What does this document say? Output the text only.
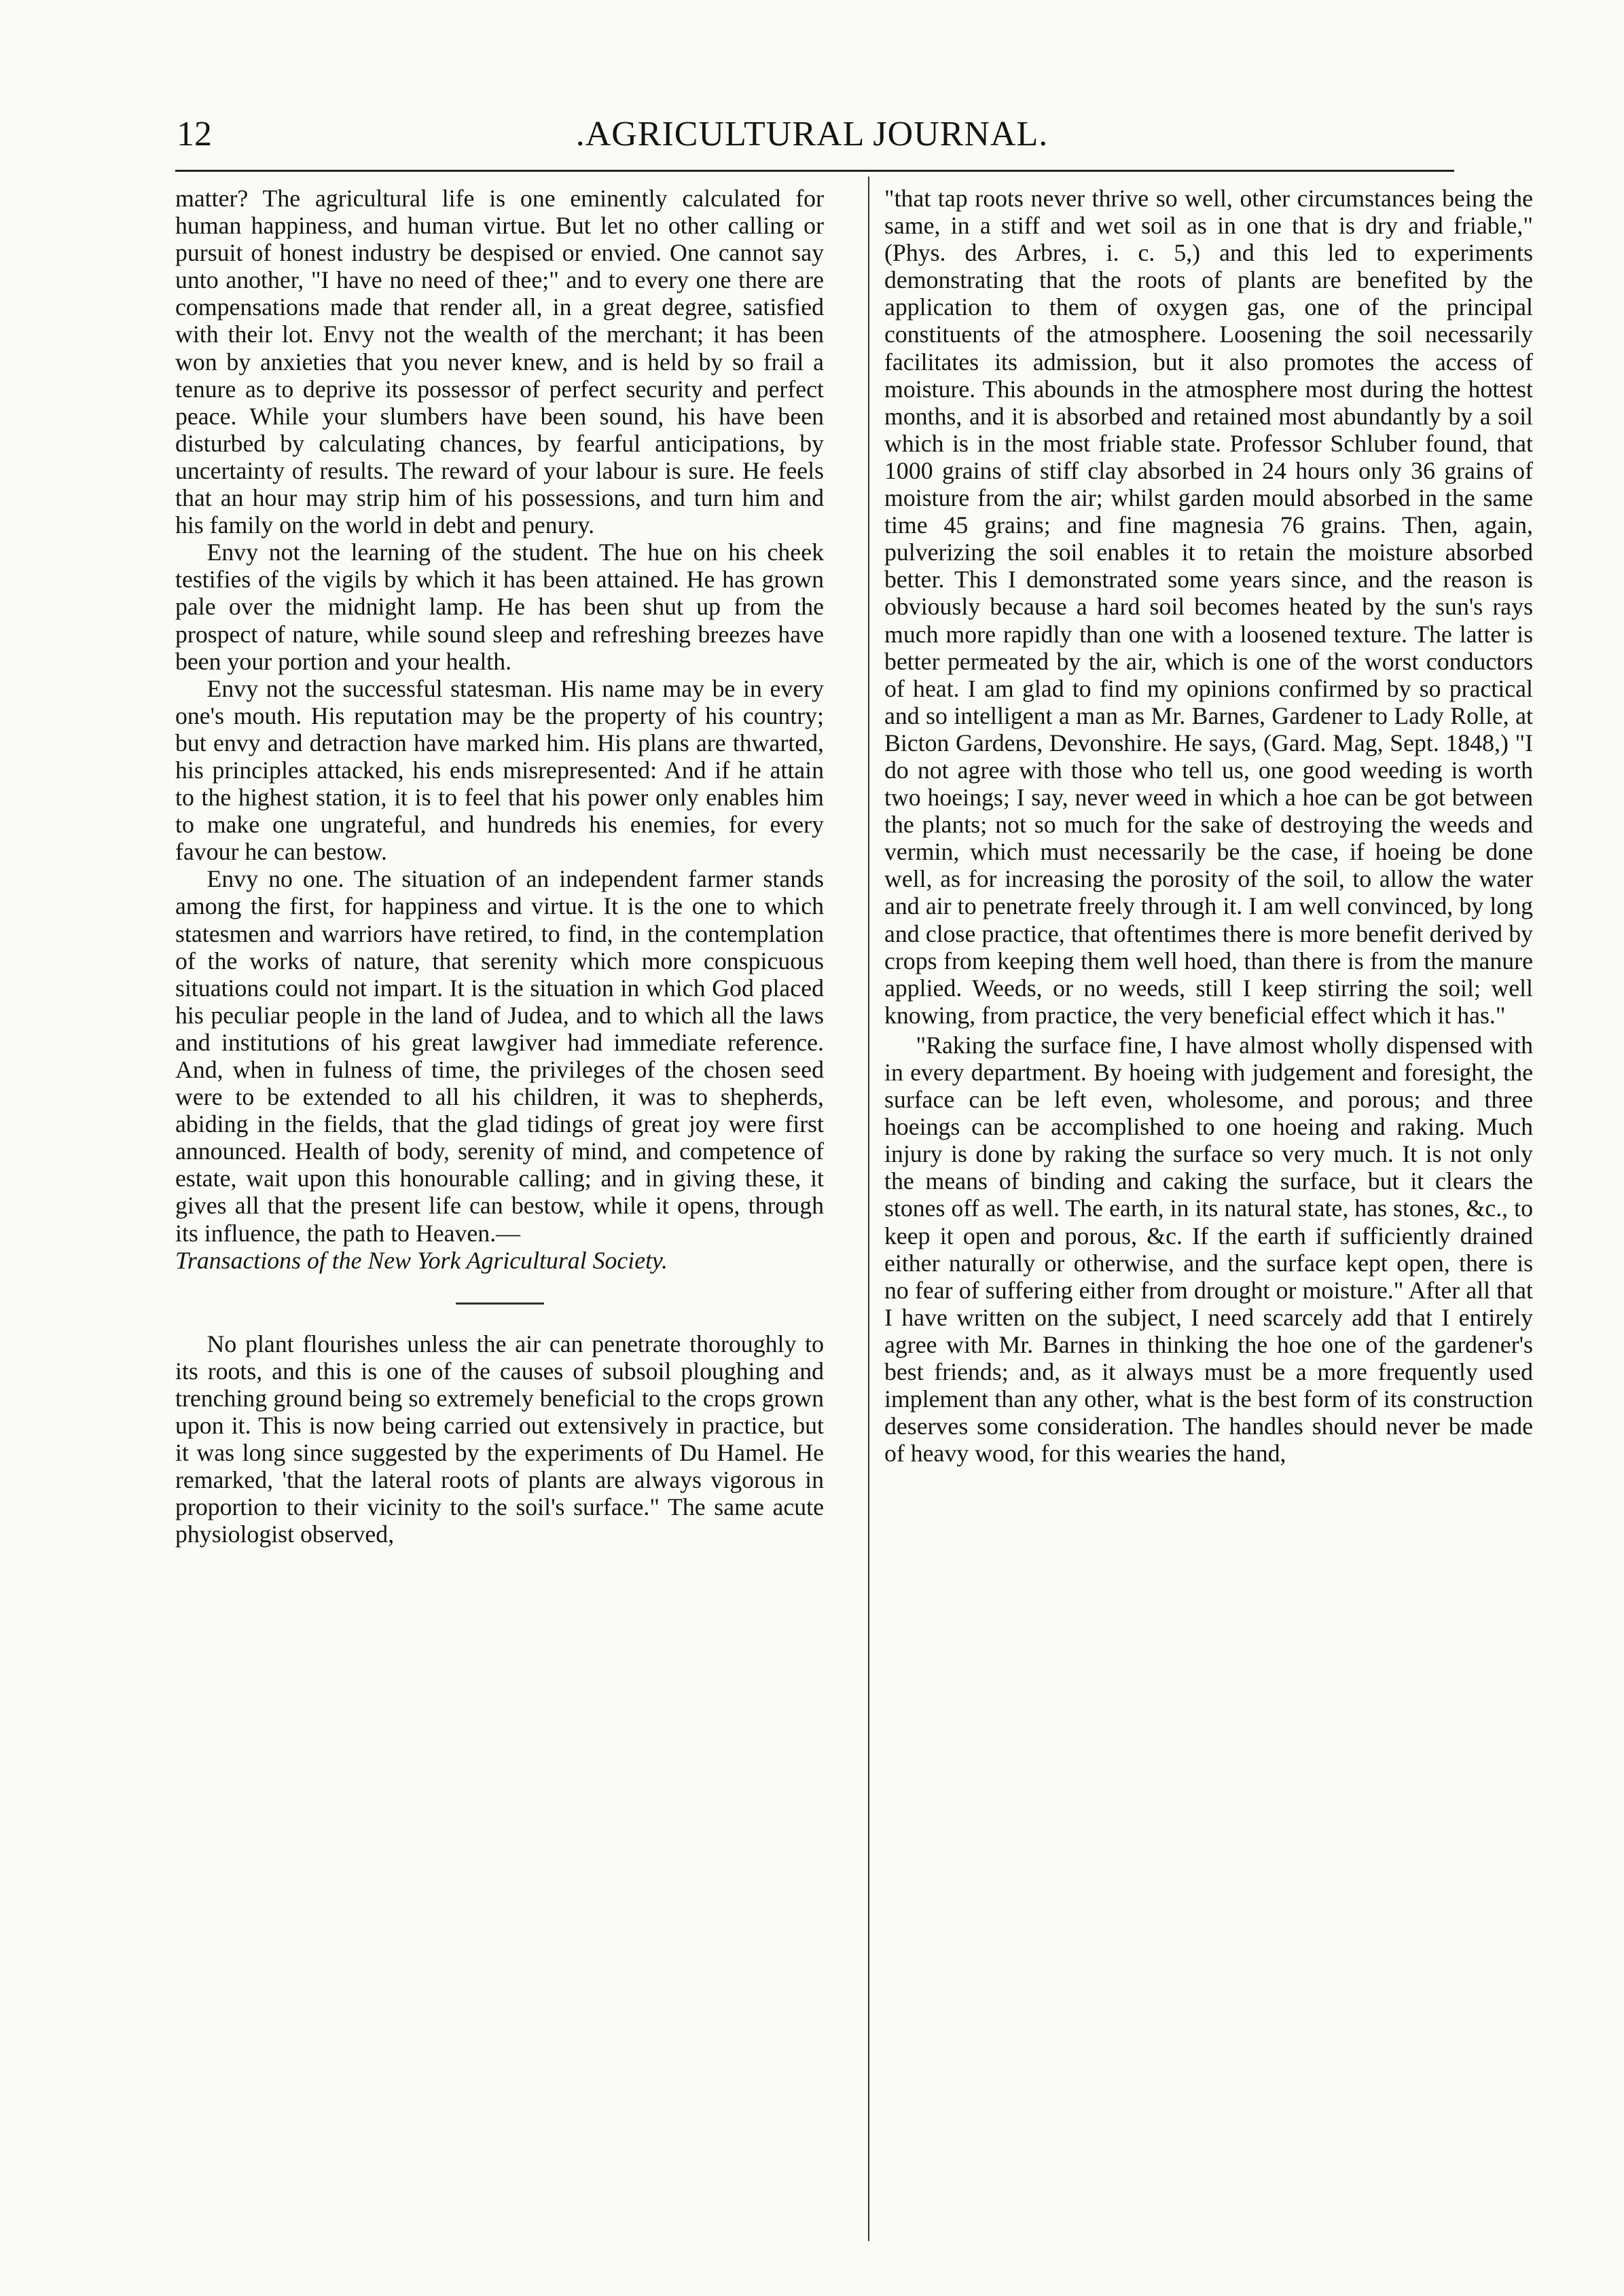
12	.AGRICULTURAL JOURNAL.

matter? The agricultural life is one eminently calculated for human happiness, and human virtue. But let no other calling or pursuit of honest industry be despised or envied. One cannot say unto another, "I have no need of thee;" and to every one there are compensations made that render all, in a great degree, satisfied with their lot. Envy not the wealth of the merchant; it has been won by anxieties that you never knew, and is held by so frail a tenure as to deprive its possessor of perfect security and perfect peace. While your slumbers have been sound, his have been disturbed by calculating chances, by fearful anticipations, by uncertainty of results. The reward of your labour is sure. He feels that an hour may strip him of his possessions, and turn him and his family on the world in debt and penury.

Envy not the learning of the student. The hue on his cheek testifies of the vigils by which it has been attained. He has grown pale over the midnight lamp. He has been shut up from the prospect of nature, while sound sleep and refreshing breezes have been your portion and your health.

Envy not the successful statesman. His name may be in every one's mouth. His reputation may be the property of his country; but envy and detraction have marked him. His plans are thwarted, his principles attacked, his ends misrepresented: And if he attain to the highest station, it is to feel that his power only enables him to make one ungrateful, and hundreds his enemies, for every favour he can bestow.

Envy no one. The situation of an independent farmer stands among the first, for happiness and virtue. It is the one to which statesmen and warriors have retired, to find, in the contemplation of the works of nature, that serenity which more conspicuous situations could not impart. It is the situation in which God placed his peculiar people in the land of Judea, and to which all the laws and institutions of his great lawgiver had immediate reference. And, when in fulness of time, the privileges of the chosen seed were to be extended to all his children, it was to shepherds, abiding in the fields, that the glad tidings of great joy were first announced. Health of body, serenity of mind, and competence of estate, wait upon this honourable calling; and in giving these, it gives all that the present life can bestow, while it opens, through its influence, the path to Heaven.—

Transactions of the New York Agricultural Society.

No plant flourishes unless the air can penetrate thoroughly to its roots, and this is one of the causes of subsoil ploughing and trenching ground being so extremely beneficial to the crops grown upon it. This is now being carried out extensively in practice, but it was long since suggested by the experiments of Du Hamel. He remarked, 'that the lateral roots of plants are always vigorous in proportion to their vicinity to the soil's surface." The same acute physiologist observed,

"that tap roots never thrive so well, other circumstances being the same, in a stiff and wet soil as in one that is dry and friable," (Phys. des Arbres, i. c. 5,) and this led to experiments demonstrating that the roots of plants are benefited by the application to them of oxygen gas, one of the principal constituents of the atmosphere. Loosening the soil necessarily facilitates its admission, but it also promotes the access of moisture. This abounds in the atmosphere most during the hottest months, and it is absorbed and retained most abundantly by a soil which is in the most friable state. Professor Schluber found, that 1000 grains of stiff clay absorbed in 24 hours only 36 grains of moisture from the air; whilst garden mould absorbed in the same time 45 grains; and fine magnesia 76 grains. Then, again, pulverizing the soil enables it to retain the moisture absorbed better. This I demonstrated some years since, and the reason is obviously because a hard soil becomes heated by the sun's rays much more rapidly than one with a loosened texture. The latter is better permeated by the air, which is one of the worst conductors of heat. I am glad to find my opinions confirmed by so practical and so intelligent a man as Mr. Barnes, Gardener to Lady Rolle, at Bicton Gardens, Devonshire. He says, (Gard. Mag, Sept. 1848,) "I do not agree with those who tell us, one good weeding is worth two hoeings; I say, never weed in which a hoe can be got between the plants; not so much for the sake of destroying the weeds and vermin, which must necessarily be the case, if hoeing be done well, as for increasing the porosity of the soil, to allow the water and air to penetrate freely through it. I am well convinced, by long and close practice, that oftentimes there is more benefit derived by crops from keeping them well hoed, than there is from the manure applied. Weeds, or no weeds, still I keep stirring the soil; well knowing, from practice, the very beneficial effect which it has."

"Raking the surface fine, I have almost wholly dispensed with in every department. By hoeing with judgement and foresight, the surface can be left even, wholesome, and porous; and three hoeings can be accomplished to one hoeing and raking. Much injury is done by raking the surface so very much. It is not only the means of binding and caking the surface, but it clears the stones off as well. The earth, in its natural state, has stones, &c., to keep it open and porous, &c. If the earth if sufficiently drained either naturally or otherwise, and the surface kept open, there is no fear of suffering either from drought or moisture." After all that I have written on the subject, I need scarcely add that I entirely agree with Mr. Barnes in thinking the hoe one of the gardener's best friends; and, as it always must be a more frequently used implement than any other, what is the best form of its construction deserves some consideration. The handles should never be made of heavy wood, for this wearies the hand,
